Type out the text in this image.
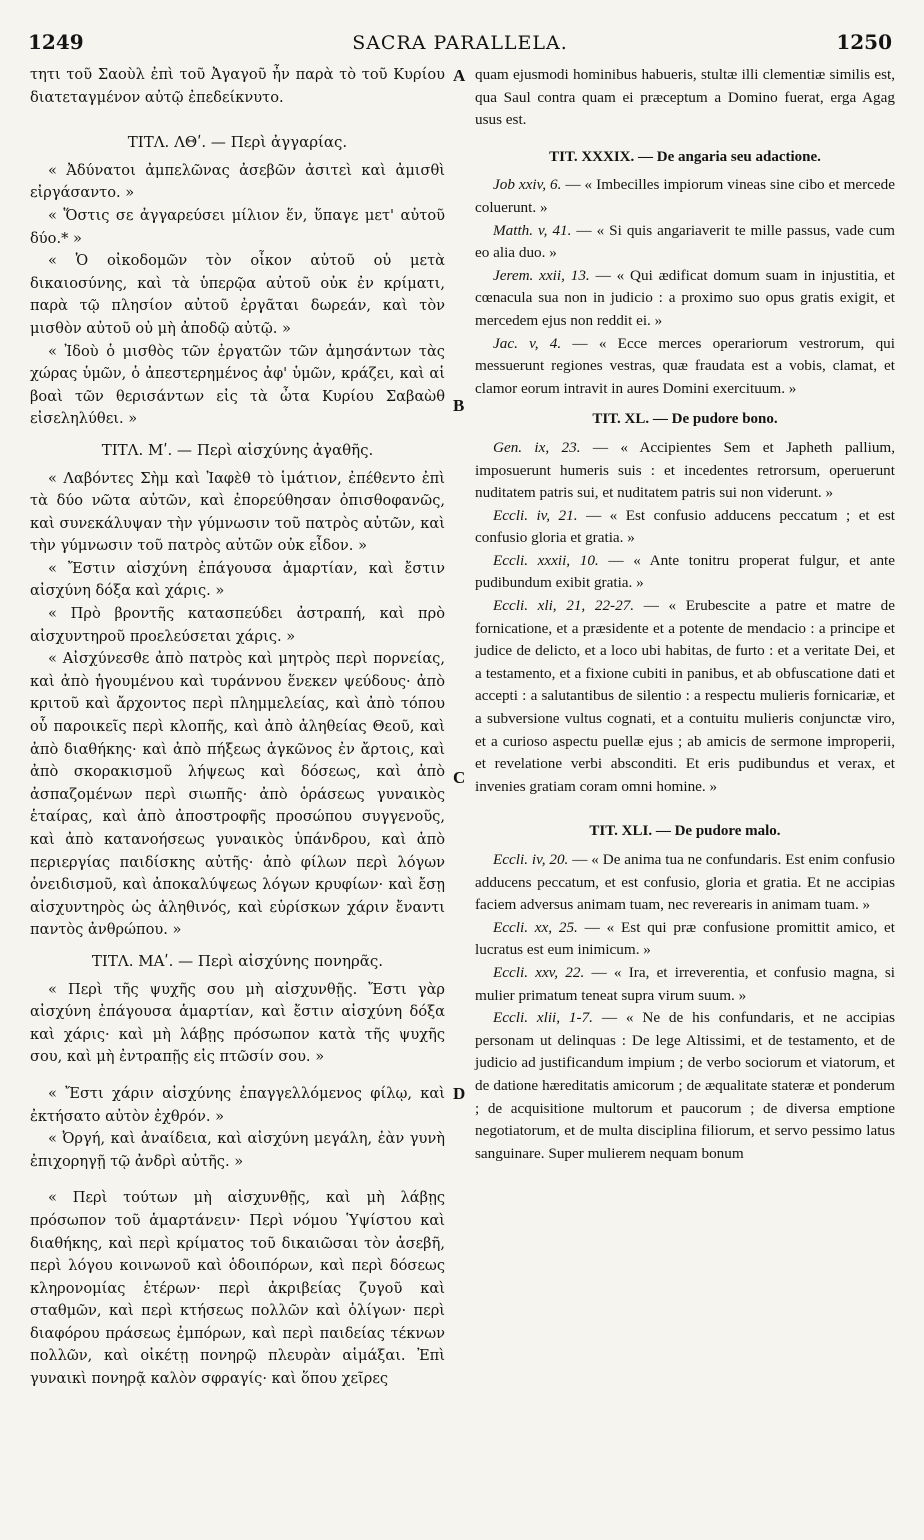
1249	SACRA PARALLELA.	1250

τητι τοῦ Σαοὺλ ἐπὶ τοῦ Ἀγαγοῦ ἦν παρὰ τὸ τοῦ Κυρίου διατεταγμένον αὐτῷ ἐπεδείκνυτο.

ΤΙΤΛ. ΛΘʹ. — Περὶ ἀγγαρίας.

« Ἀδύνατοι ἀμπελῶνας ἀσεβῶν ἀσιτεὶ καὶ ἀμισθὶ εἰργάσαντο. »

« Ὅστις σε ἀγγαρεύσει μίλιον ἕν, ὕπαγε μετ' αὐτοῦ δύο.* »

« Ὁ οἰκοδομῶν τὸν οἶκον αὐτοῦ οὐ μετὰ δικαιοσύνης, καὶ τὰ ὑπερῷα αὐτοῦ οὐκ ἐν κρίματι, παρὰ τῷ πλησίον αὐτοῦ ἐργᾶται δωρεάν, καὶ τὸν μισθὸν αὐτοῦ οὐ μὴ ἀποδῷ αὐτῷ. »

« Ἰδοὺ ὁ μισθὸς τῶν ἐργατῶν τῶν ἀμησάντων τὰς χώρας ὑμῶν, ὁ ἀπεστερημένος ἀφ' ὑμῶν, κράζει, καὶ αἱ βοαὶ τῶν θερισάντων εἰς τὰ ὦτα Κυρίου Σαβαὼθ εἰσεληλύθει. »

ΤΙΤΛ. Μʹ. — Περὶ αἰσχύνης ἀγαθῆς.

« Λαβόντες Σὴμ καὶ Ἰαφὲθ τὸ ἱμάτιον, ἐπέθεντο ἐπὶ τὰ δύο νῶτα αὐτῶν, καὶ ἐπορεύθησαν ὀπισθοφανῶς, καὶ συνεκάλυψαν τὴν γύμνωσιν τοῦ πατρὸς αὐτῶν, καὶ τὴν γύμνωσιν τοῦ πατρὸς αὐτῶν οὐκ εἶδον. »

« Ἔστιν αἰσχύνη ἐπάγουσα ἁμαρτίαν, καὶ ἔστιν αἰσχύνη δόξα καὶ χάρις. »

« Πρὸ βροντῆς κατασπεύδει ἀστραπή, καὶ πρὸ αἰσχυντηροῦ προελεύσεται χάρις. »

« Αἰσχύνεσθε ἀπὸ πατρὸς καὶ μητρὸς περὶ πορνείας, καὶ ἀπὸ ἡγουμένου καὶ τυράννου ἕνεκεν ψεύδους· ἀπὸ κριτοῦ καὶ ἄρχοντος περὶ πλημμελείας, καὶ ἀπὸ τόπου οὗ παροικεῖς περὶ κλοπῆς, καὶ ἀπὸ ἀληθείας Θεοῦ, καὶ ἀπὸ διαθήκης· καὶ ἀπὸ πήξεως ἀγκῶνος ἐν ἄρτοις, καὶ ἀπὸ σκορακισμοῦ λήψεως καὶ δόσεως, καὶ ἀπὸ ἀσπαζομένων περὶ σιωπῆς· ἀπὸ ὁράσεως γυναικὸς ἑταίρας, καὶ ἀπὸ ἀποστροφῆς προσώπου συγγενοῦς, καὶ ἀπὸ κατανοήσεως γυναικὸς ὑπάνδρου, καὶ ἀπὸ περιεργίας παιδίσκης αὐτῆς· ἀπὸ φίλων περὶ λόγων ὀνειδισμοῦ, καὶ ἀποκαλύψεως λόγων κρυφίων· καὶ ἔσῃ αἰσχυντηρὸς ὡς ἀληθινός, καὶ εὑρίσκων χάριν ἔναντι παντὸς ἀνθρώπου. »

ΤΙΤΛ. ΜΑʹ. — Περὶ αἰσχύνης πονηρᾶς.

« Περὶ τῆς ψυχῆς σου μὴ αἰσχυνθῇς. Ἔστι γὰρ αἰσχύνη ἐπάγουσα ἁμαρτίαν, καὶ ἔστιν αἰσχύνη δόξα καὶ χάρις· καὶ μὴ λάβῃς πρόσωπον κατὰ τῆς ψυχῆς σου, καὶ μὴ ἐντραπῇς εἰς πτῶσίν σου. »

« Ἔστι χάριν αἰσχύνης ἐπαγγελλόμενος φίλῳ, καὶ ἐκτήσατο αὐτὸν ἐχθρόν. »

« Ὀργή, καὶ ἀναίδεια, καὶ αἰσχύνη μεγάλη, ἐὰν γυνὴ ἐπιχορηγῇ τῷ ἀνδρὶ αὐτῆς. »

« Περὶ τούτων μὴ αἰσχυνθῇς, καὶ μὴ λάβῃς πρόσωπον τοῦ ἁμαρτάνειν· Περὶ νόμου Ὑψίστου καὶ διαθήκης, καὶ περὶ κρίματος τοῦ δικαιῶσαι τὸν ἀσεβῆ, περὶ λόγου κοινωνοῦ καὶ ὁδοιπόρων, καὶ περὶ δόσεως κληρονομίας ἑτέρων· περὶ ἀκριβείας ζυγοῦ καὶ σταθμῶν, καὶ περὶ κτήσεως πολλῶν καὶ ὀλίγων· περὶ διαφόρου πράσεως ἐμπόρων, καὶ περὶ παιδείας τέκνων πολλῶν, καὶ οἰκέτῃ πονηρῷ πλευρὰν αἱμάξαι. Ἐπὶ γυναικὶ πονηρᾷ καλὸν σφραγίς· καὶ ὅπου χεῖρες

A
B
C
D

quam ejusmodi hominibus habueris, stultæ illi clementiæ similis est, qua Saul contra quam ei præceptum a Domino fuerat, erga Agag usus est.

TIT. XXXIX. — De angaria seu adactione.

Job xxiv, 6. — « Imbecilles impiorum vineas sine cibo et mercede coluerunt. »

Matth. v, 41. — « Si quis angariaverit te mille passus, vade cum eo alia duo. »

Jerem. xxii, 13. — « Qui ædificat domum suam in injustitia, et cœnacula sua non in judicio : a proximo suo opus gratis exigit, et mercedem ejus non reddit ei. »

Jac. v, 4. — « Ecce merces operariorum vestrorum, qui messuerunt regiones vestras, quæ fraudata est a vobis, clamat, et clamor eorum intravit in aures Domini exercituum. »

TIT. XL. — De pudore bono.

Gen. ix, 23. — « Accipientes Sem et Japheth pallium, imposuerunt humeris suis : et incedentes retrorsum, operuerunt nuditatem patris sui, et nuditatem patris sui non viderunt. »

Eccli. iv, 21. — « Est confusio adducens peccatum ; et est confusio gloria et gratia. »

Eccli. xxxii, 10. — « Ante tonitru properat fulgur, et ante pudibundum exibit gratia. »

Eccli. xli, 21, 22-27. — « Erubescite a patre et matre de fornicatione, et a præsidente et a potente de mendacio : a principe et judice de delicto, et a loco ubi habitas, de furto : et a veritate Dei, et a testamento, et a fixione cubiti in panibus, et ab obfuscatione dati et accepti : a salutantibus de silentio : a respectu mulieris fornicariæ, et a subversione vultus cognati, et a contuitu mulieris conjunctæ viro, et a curioso aspectu puellæ ejus ; ab amicis de sermone improperii, et revelatione verbi absconditi. Et eris pudibundus et verax, et invenies gratiam coram omni homine. »

TIT. XLI. — De pudore malo.

Eccli. iv, 20. — « De anima tua ne confundaris. Est enim confusio adducens peccatum, et est confusio, gloria et gratia. Et ne accipias faciem adversus animam tuam, nec reverearis in animam tuam. »

Eccli. xx, 25. — « Est qui præ confusione promittit amico, et lucratus est eum inimicum. »

Eccli. xxv, 22. — « Ira, et irreverentia, et confusio magna, si mulier primatum teneat supra virum suum. »

Eccli. xlii, 1-7. — « Ne de his confundaris, et ne accipias personam ut delinquas : De lege Altissimi, et de testamento, et de judicio ad justificandum impium ; de verbo sociorum et viatorum, et de datione hæreditatis amicorum ; de æqualitate stateræ et ponderum ; de acquisitione multorum et paucorum ; de diversa emptione negotiatorum, et de multa disciplina filiorum, et servo pessimo latus sanguinare. Super mulierem nequam bonum
